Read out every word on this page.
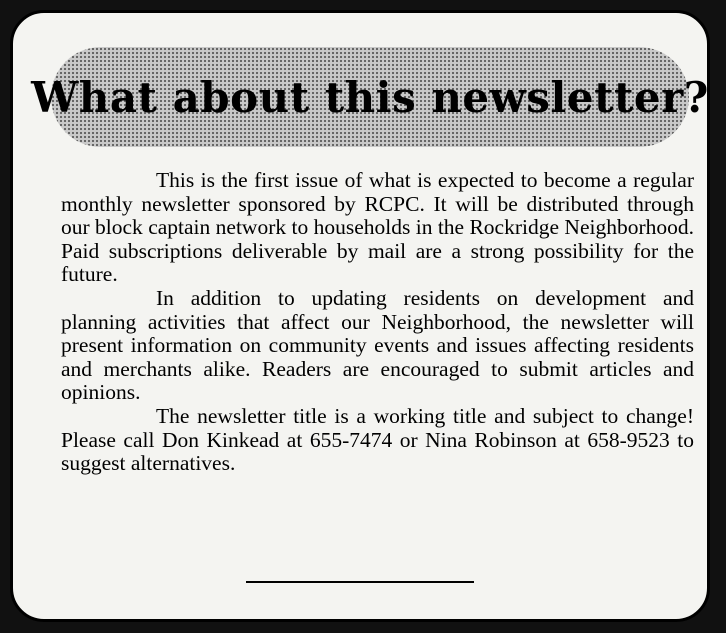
What about this newsletter?

This is the first issue of what is expected to become a regular monthly newsletter sponsored by RCPC. It will be distributed through our block captain network to households in the Rockridge Neighborhood. Paid subscriptions deliverable by mail are a strong possibility for the future.

In addition to updating residents on development and planning activities that affect our Neighborhood, the newsletter will present information on community events and issues affecting residents and merchants alike. Readers are encouraged to submit articles and opinions.

The newsletter title is a working title and subject to change! Please call Don Kinkead at 655-7474 or Nina Robinson at 658-9523 to suggest alternatives.
